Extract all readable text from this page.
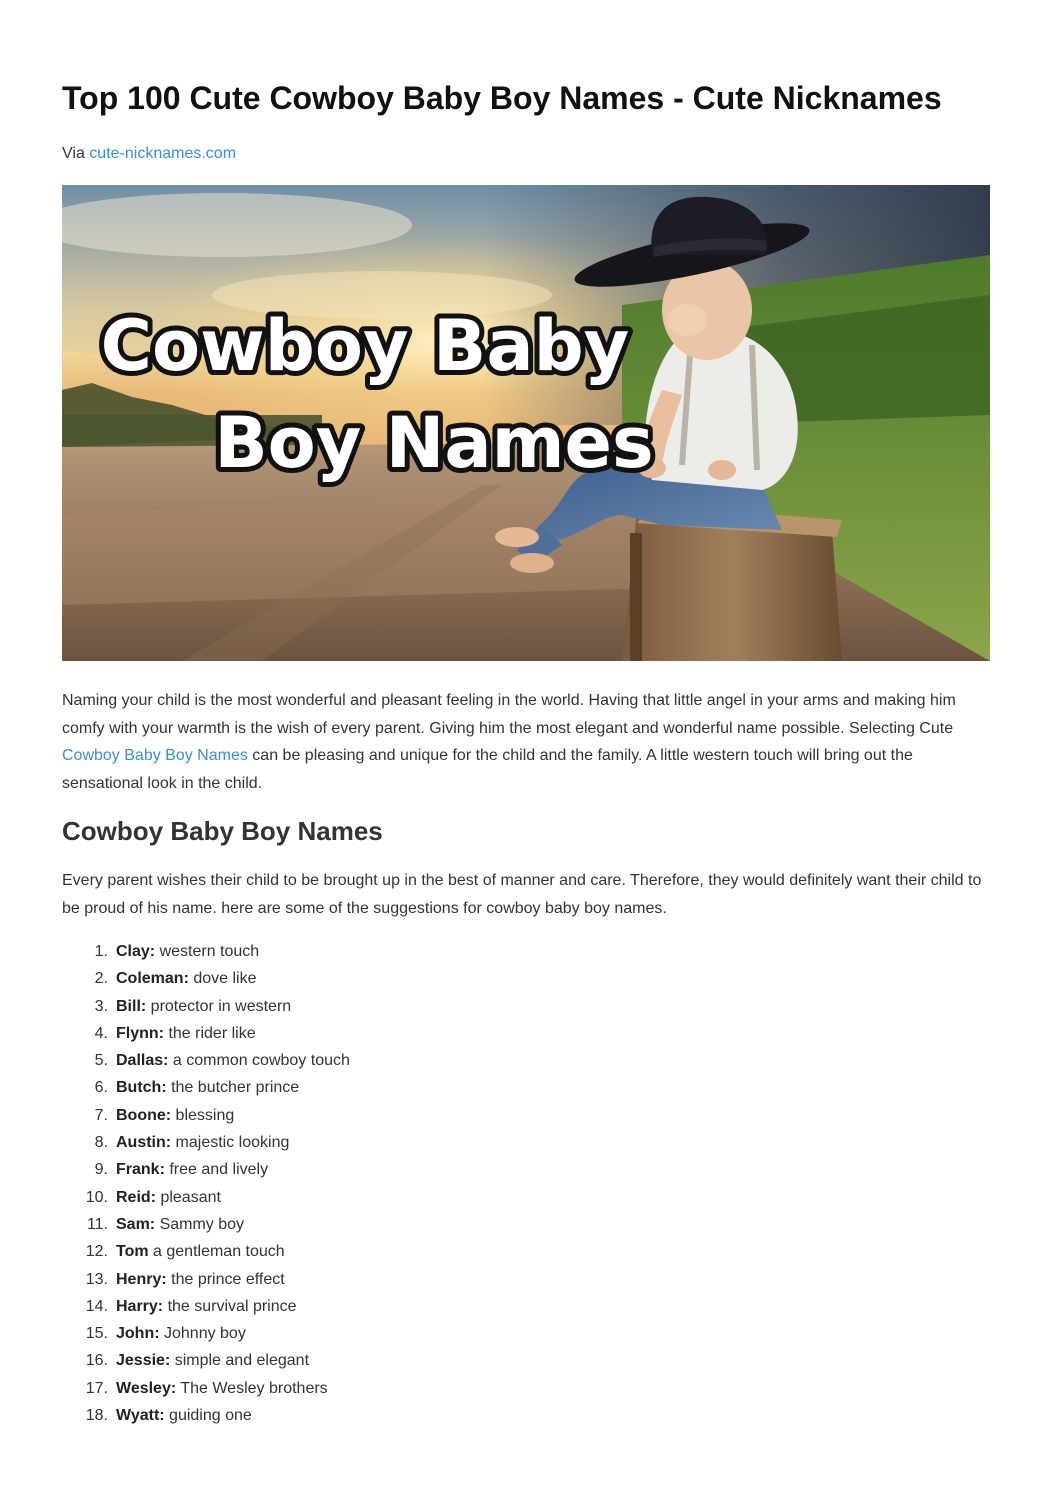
Top 100 Cute Cowboy Baby Boy Names - Cute Nicknames
Via cute-nicknames.com
Cowboy Baby
Boy Names

Naming your child is the most wonderful and pleasant feeling in the world. Having that little angel in your arms and making him comfy with your warmth is the wish of every parent. Giving him the most elegant and wonderful name possible. Selecting Cute Cowboy Baby Boy Names can be pleasing and unique for the child and the family. A little western touch will bring out the sensational look in the child.

Cowboy Baby Boy Names

Every parent wishes their child to be brought up in the best of manner and care. Therefore, they would definitely want their child to be proud of his name. here are some of the suggestions for cowboy baby boy names.

1. Clay: western touch
2. Coleman: dove like
3. Bill: protector in western
4. Flynn: the rider like
5. Dallas: a common cowboy touch
6. Butch: the butcher prince
7. Boone: blessing
8. Austin: majestic looking
9. Frank: free and lively
10. Reid: pleasant
11. Sam: Sammy boy
12. Tom a gentleman touch
13. Henry: the prince effect
14. Harry: the survival prince
15. John: Johnny boy
16. Jessie: simple and elegant
17. Wesley: The Wesley brothers
18. Wyatt: guiding one
